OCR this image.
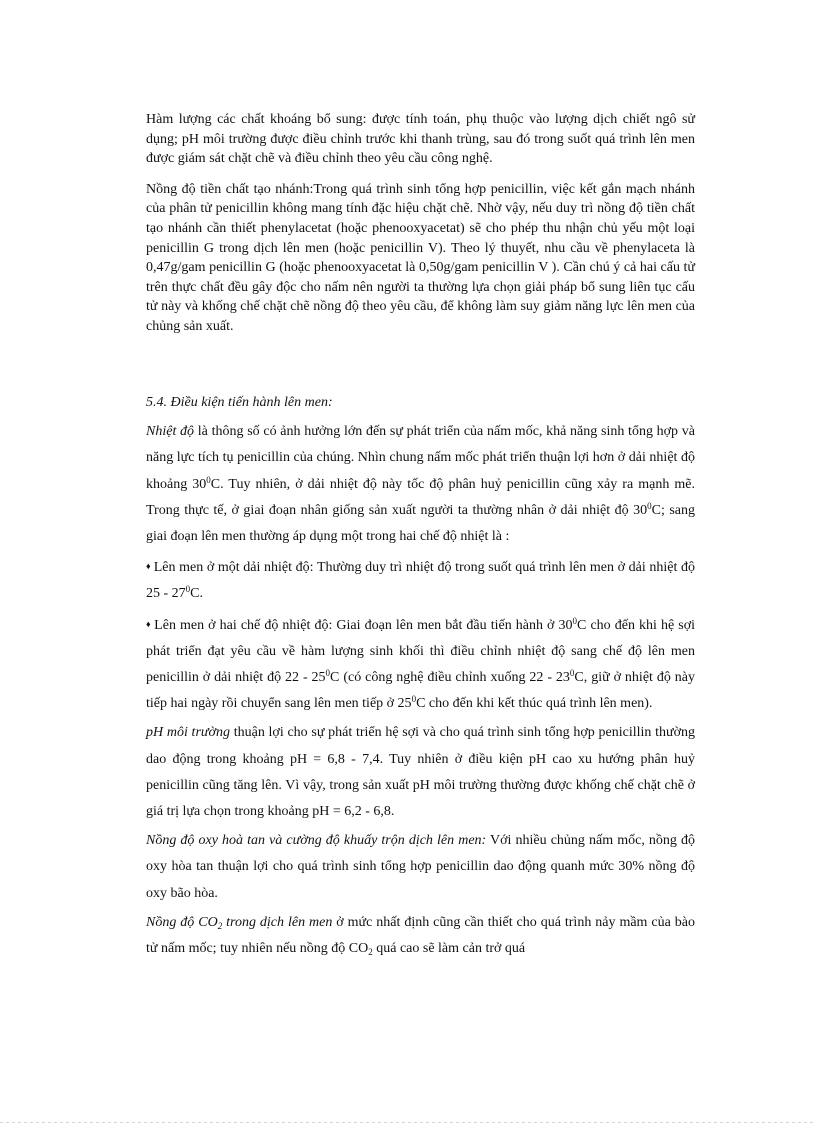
Hàm lượng các chất khoáng bổ sung: được tính toán, phụ thuộc vào lượng dịch chiết ngô sử dụng; pH môi trường được điều chỉnh trước khi thanh trùng, sau đó trong suốt quá trình lên men được giám sát chặt chẽ và điều chỉnh theo yêu cầu công nghệ.

Nồng độ tiền chất tạo nhánh:Trong quá trình sinh tổng hợp penicillin, việc kết gắn mạch nhánh của phân tử penicillin không mang tính đặc hiệu chặt chẽ. Nhờ vậy, nếu duy trì nồng độ tiền chất tạo nhánh cần thiết phenylacetat (hoặc phenooxyacetat) sẽ cho phép thu nhận chủ yếu một loại penicillin G trong dịch lên men (hoặc penicillin V). Theo lý thuyết, nhu cầu về phenylaceta là 0,47g/gam penicillin G (hoặc phenooxyacetat là 0,50g/gam penicillin V ). Cần chú ý cả hai cấu tử trên thực chất đều gây độc cho nấm nên người ta thường lựa chọn giải pháp bổ sung liên tục cấu tử này và khống chế chặt chẽ nồng độ theo yêu cầu, để không làm suy giảm năng lực lên men của chủng sản xuất.

5.4. Điều kiện tiến hành lên men:

Nhiệt độ là thông số có ảnh hưởng lớn đến sự phát triển của nấm mốc, khả năng sinh tổng hợp và năng lực tích tụ penicillin của chúng. Nhìn chung nấm mốc phát triển thuận lợi hơn ở dải nhiệt độ khoảng $30^0C$. Tuy nhiên, ở dải nhiệt độ này tốc độ phân huỷ penicillin cũng xảy ra mạnh mẽ. Trong thực tế, ở giai đoạn nhân giống sản xuất người ta thường nhân ở dải nhiệt độ $30^0C$; sang giai đoạn lên men thường áp dụng một trong hai chế độ nhiệt là :

♦ Lên men ở một dải nhiệt độ: Thường duy trì nhiệt độ trong suốt quá trình lên men ở dải nhiệt độ $25 - 27^0C$.

♦ Lên men ở hai chế độ nhiệt độ: Giai đoạn lên men bắt đầu tiến hành ở $30^0C$ cho đến khi hệ sợi phát triển đạt yêu cầu về hàm lượng sinh khối thì điều chỉnh nhiệt độ sang chế độ lên men penicillin ở dải nhiệt độ $22 - 25^0C$ (có công nghệ điều chỉnh xuống $22 - 23^0C$, giữ ở nhiệt độ này tiếp hai ngày rồi chuyển sang lên men tiếp ở $25^0C$ cho đến khi kết thúc quá trình lên men).

pH môi trường thuận lợi cho sự phát triển hệ sợi và cho quá trình sinh tổng hợp penicillin thường dao động trong khoảng pH = 6,8 - 7,4. Tuy nhiên ở điều kiện pH cao xu hướng phân huỷ penicillin cũng tăng lên. Vì vậy, trong sản xuất pH môi trường thường được khống chế chặt chẽ ở giá trị lựa chọn trong khoảng pH = 6,2 - 6,8.

Nồng độ oxy hoà tan và cường độ khuấy trộn dịch lên men: Với nhiều chủng nấm mốc, nồng độ oxy hòa tan thuận lợi cho quá trình sinh tổng hợp penicillin dao động quanh mức 30% nồng độ oxy bão hòa.

Nồng độ $CO_2$ trong dịch lên men ở mức nhất định cũng cần thiết cho quá trình nảy mầm của bào tử nấm mốc; tuy nhiên nếu nồng độ $CO_2$ quá cao sẽ làm cản trở quá
